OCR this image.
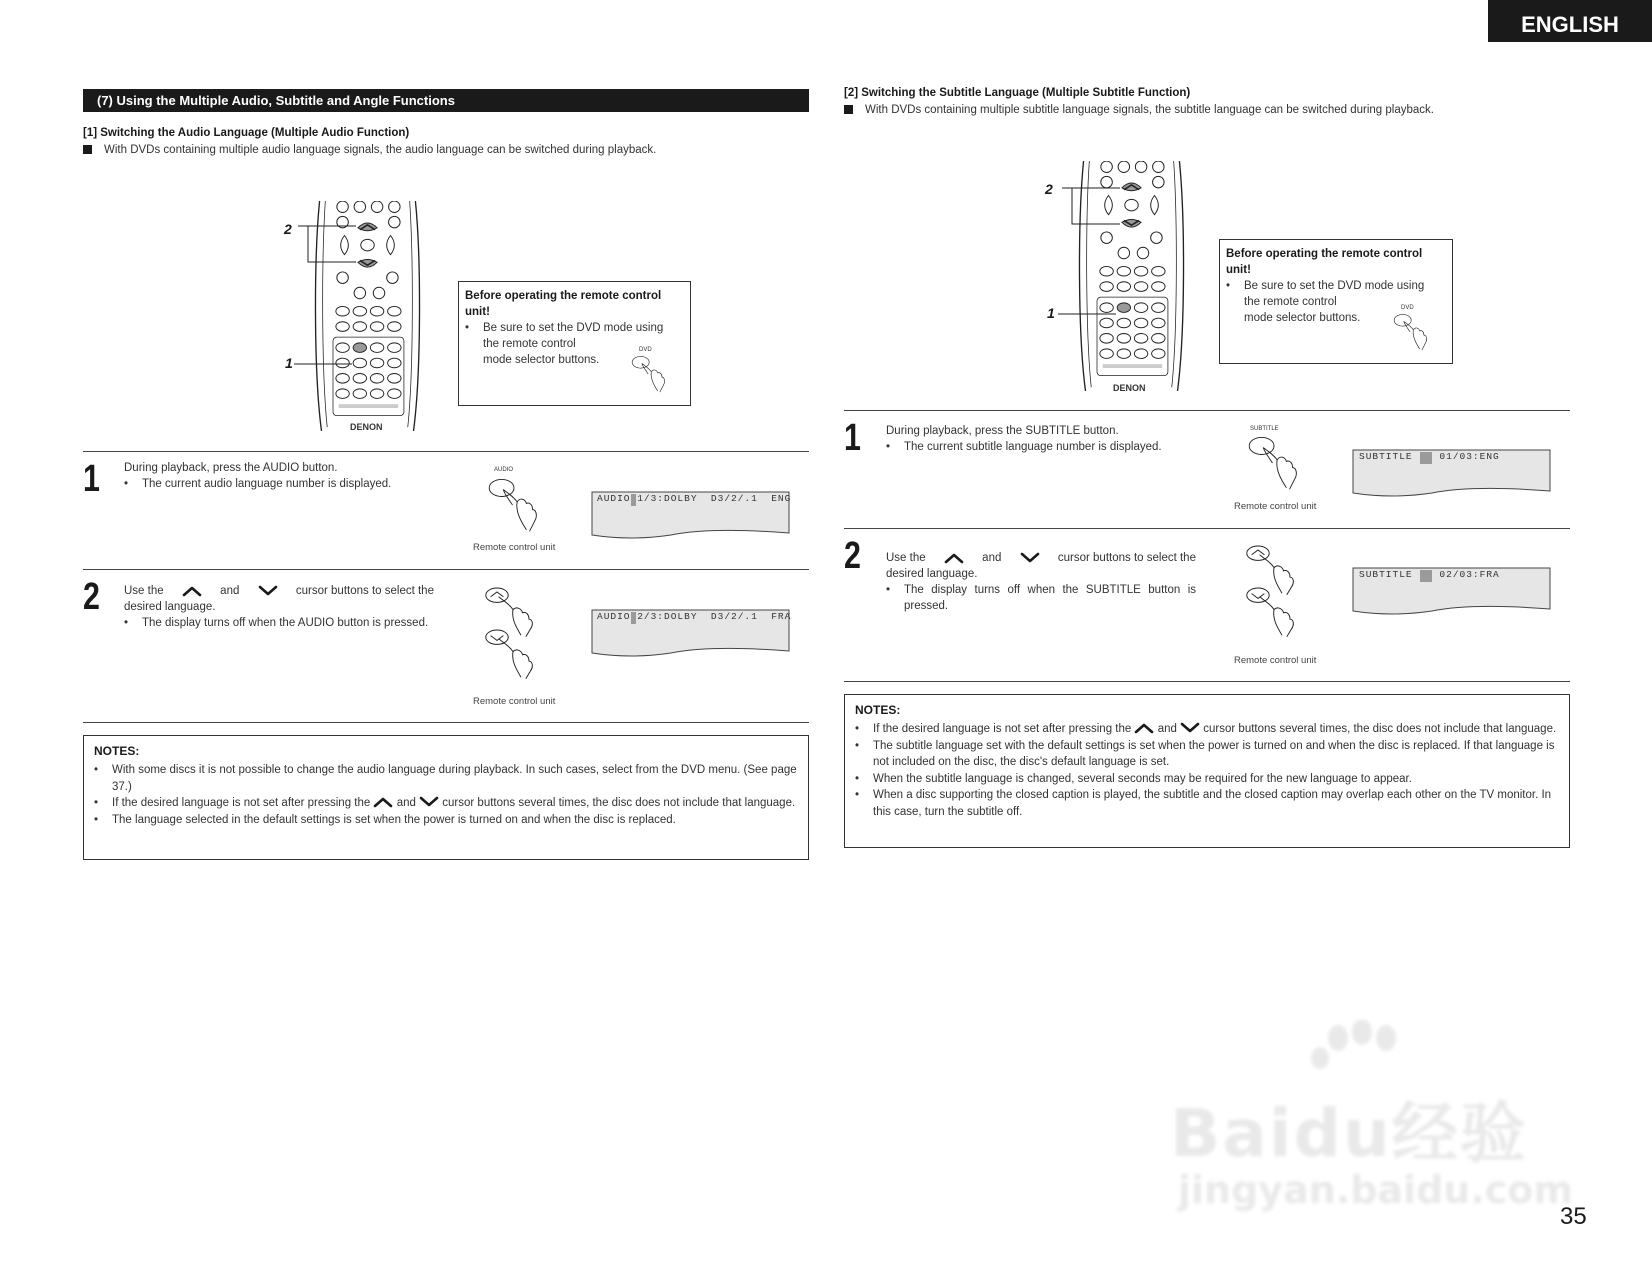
ENGLISH
(7) Using the Multiple Audio, Subtitle and Angle Functions
[1] Switching the Audio Language (Multiple Audio Function)
With DVDs containing multiple audio language signals, the audio language can be switched during playback.
2
1
DENON
Before operating the remote control
unit!
• Be sure to set the DVD mode using
the remote control
mode selector buttons.
DVD
1 During playback, press the AUDIO button.
• The current audio language number is displayed.
AUDIO
Remote control unit
AUDIO 1/3:DOLBY  D3/2/.1  ENG
2 Use the	and	cursor buttons to select the
desired language.
• The display turns off when the AUDIO button is pressed.
Remote control unit
AUDIO 2/3:DOLBY  D3/2/.1  FRA
NOTES:
• With some discs it is not possible to change the audio language during playback. In such cases, select from the DVD menu. (See page 37.)
• If the desired language is not set after pressing the and cursor buttons several times, the disc does not include that language.
• The language selected in the default settings is set when the power is turned on and when the disc is replaced.
[2] Switching the Subtitle Language (Multiple Subtitle Function)
With DVDs containing multiple subtitle language signals, the subtitle language can be switched during playback.
2
1
DENON
Before operating the remote control
unit!
• Be sure to set the DVD mode using
the remote control
mode selector buttons.
DVD
1 During playback, press the SUBTITLE button.
• The current subtitle language number is displayed.
SUBTITLE
Remote control unit
SUBTITLE    01/03:ENG
2 Use the	and	cursor buttons to select the
desired language.
• The display turns off when the SUBTITLE button is pressed.
Remote control unit
SUBTITLE    02/03:FRA
NOTES:
• If the desired language is not set after pressing the and cursor buttons several times, the disc does not include that language.
• The subtitle language set with the default settings is set when the power is turned on and when the disc is replaced. If that language is not included on the disc, the disc's default language is set.
• When the subtitle language is changed, several seconds may be required for the new language to appear.
• When a disc supporting the closed caption is played, the subtitle and the closed caption may overlap each other on the TV monitor. In this case, turn the subtitle off.
Baidu经验
jingyan.baidu.com
35
